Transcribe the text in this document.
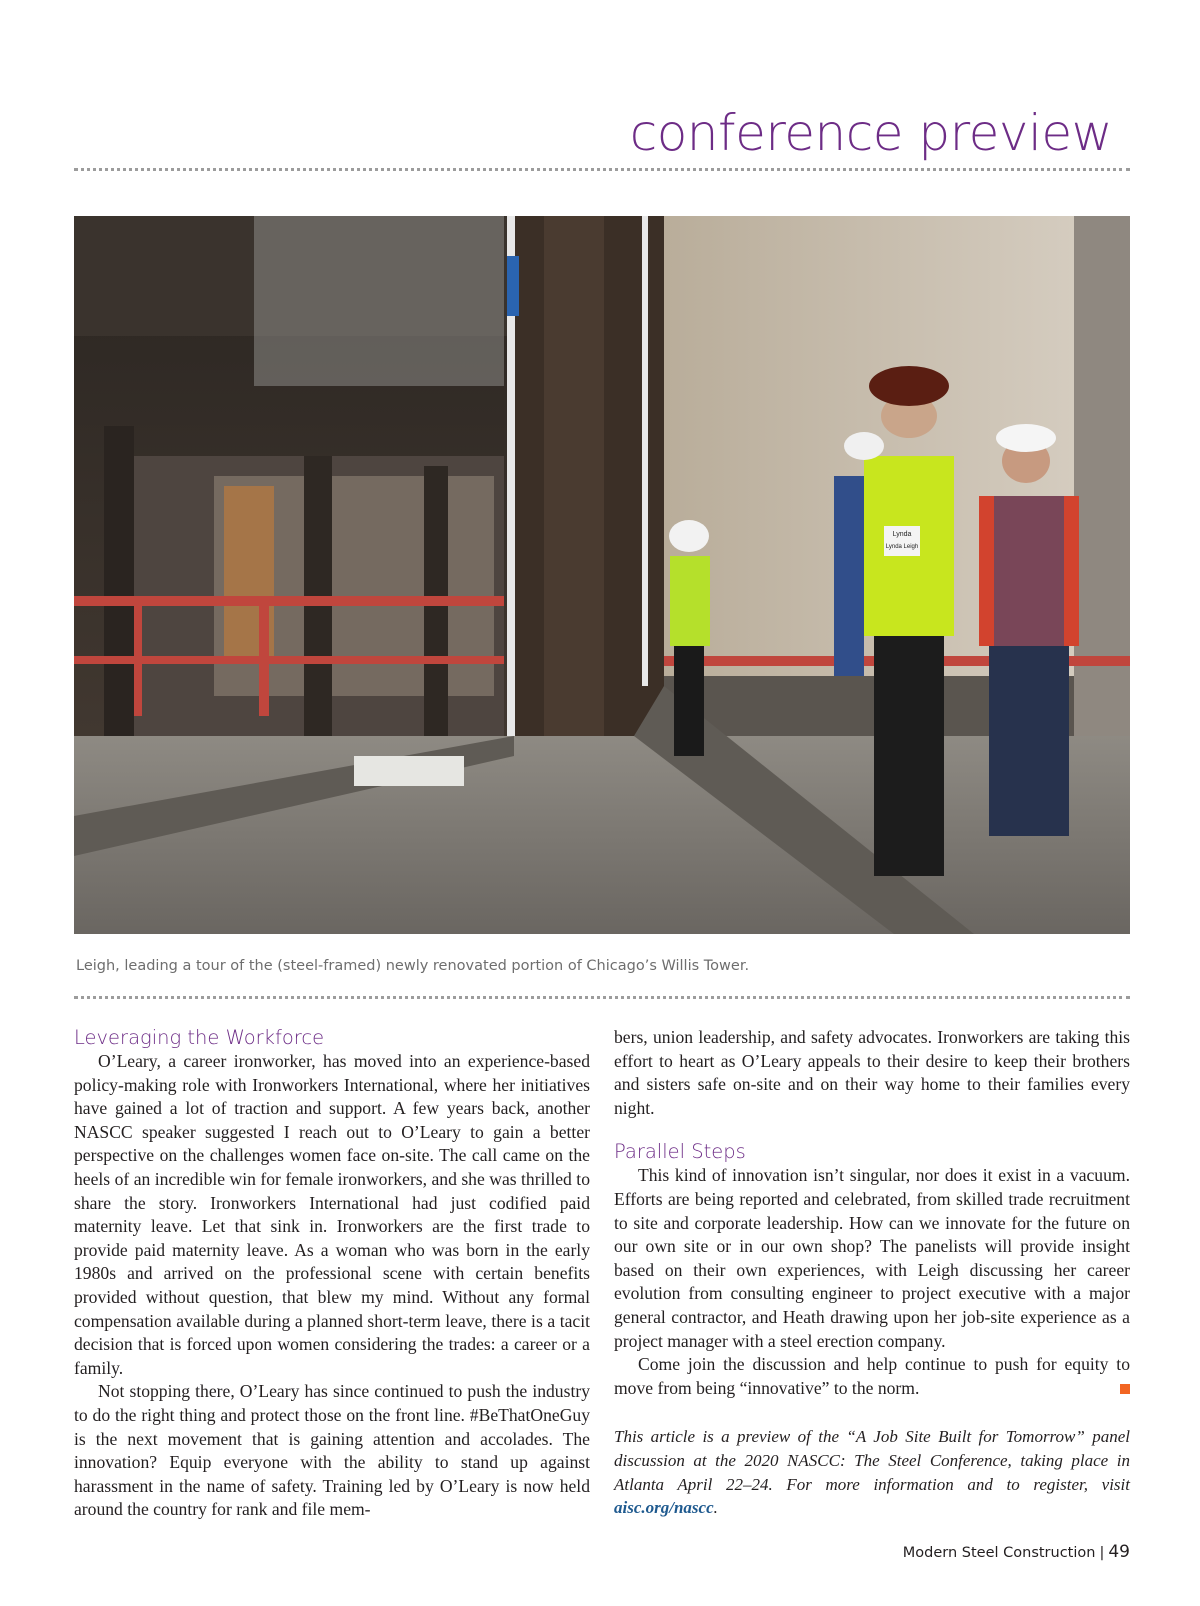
conference preview
Lynda
Lynda Leigh
Leigh, leading a tour of the (steel-framed) newly renovated portion of Chicago’s Willis Tower.
Leveraging the Workforce

O’Leary, a career ironworker, has moved into an experience-based policy-making role with Ironworkers International, where her initiatives have gained a lot of traction and support. A few years back, another NASCC speaker suggested I reach out to O’Leary to gain a better perspective on the challenges women face on-site. The call came on the heels of an incredible win for female ironworkers, and she was thrilled to share the story. Ironworkers International had just codified paid maternity leave. Let that sink in. Ironworkers are the first trade to provide paid maternity leave. As a woman who was born in the early 1980s and arrived on the professional scene with certain benefits provided without question, that blew my mind. Without any formal compensation available during a planned short-term leave, there is a tacit decision that is forced upon women considering the trades: a career or a family.

Not stopping there, O’Leary has since continued to push the industry to do the right thing and protect those on the front line. #BeThatOneGuy is the next movement that is gaining attention and accolades. The innovation? Equip everyone with the ability to stand up against harassment in the name of safety. Training led by O’Leary is now held around the country for rank and file mem-

bers, union leadership, and safety advocates. Ironworkers are taking this effort to heart as O’Leary appeals to their desire to keep their brothers and sisters safe on-site and on their way home to their families every night.

Parallel Steps

This kind of innovation isn’t singular, nor does it exist in a vacuum. Efforts are being reported and celebrated, from skilled trade recruitment to site and corporate leadership. How can we innovate for the future on our own site or in our own shop? The panelists will provide insight based on their own experiences, with Leigh discussing her career evolution from consulting engineer to project executive with a major general contractor, and Heath drawing upon her job-site experience as a project manager with a steel erection company.

Come join the discussion and help continue to push for equity to move from being “innovative” to the norm.

This article is a preview of the “A Job Site Built for Tomorrow” panel discussion at the 2020 NASCC: The Steel Conference, taking place in Atlanta April 22–24. For more information and to register, visit aisc.org/nascc.

Modern Steel Construction | 49
